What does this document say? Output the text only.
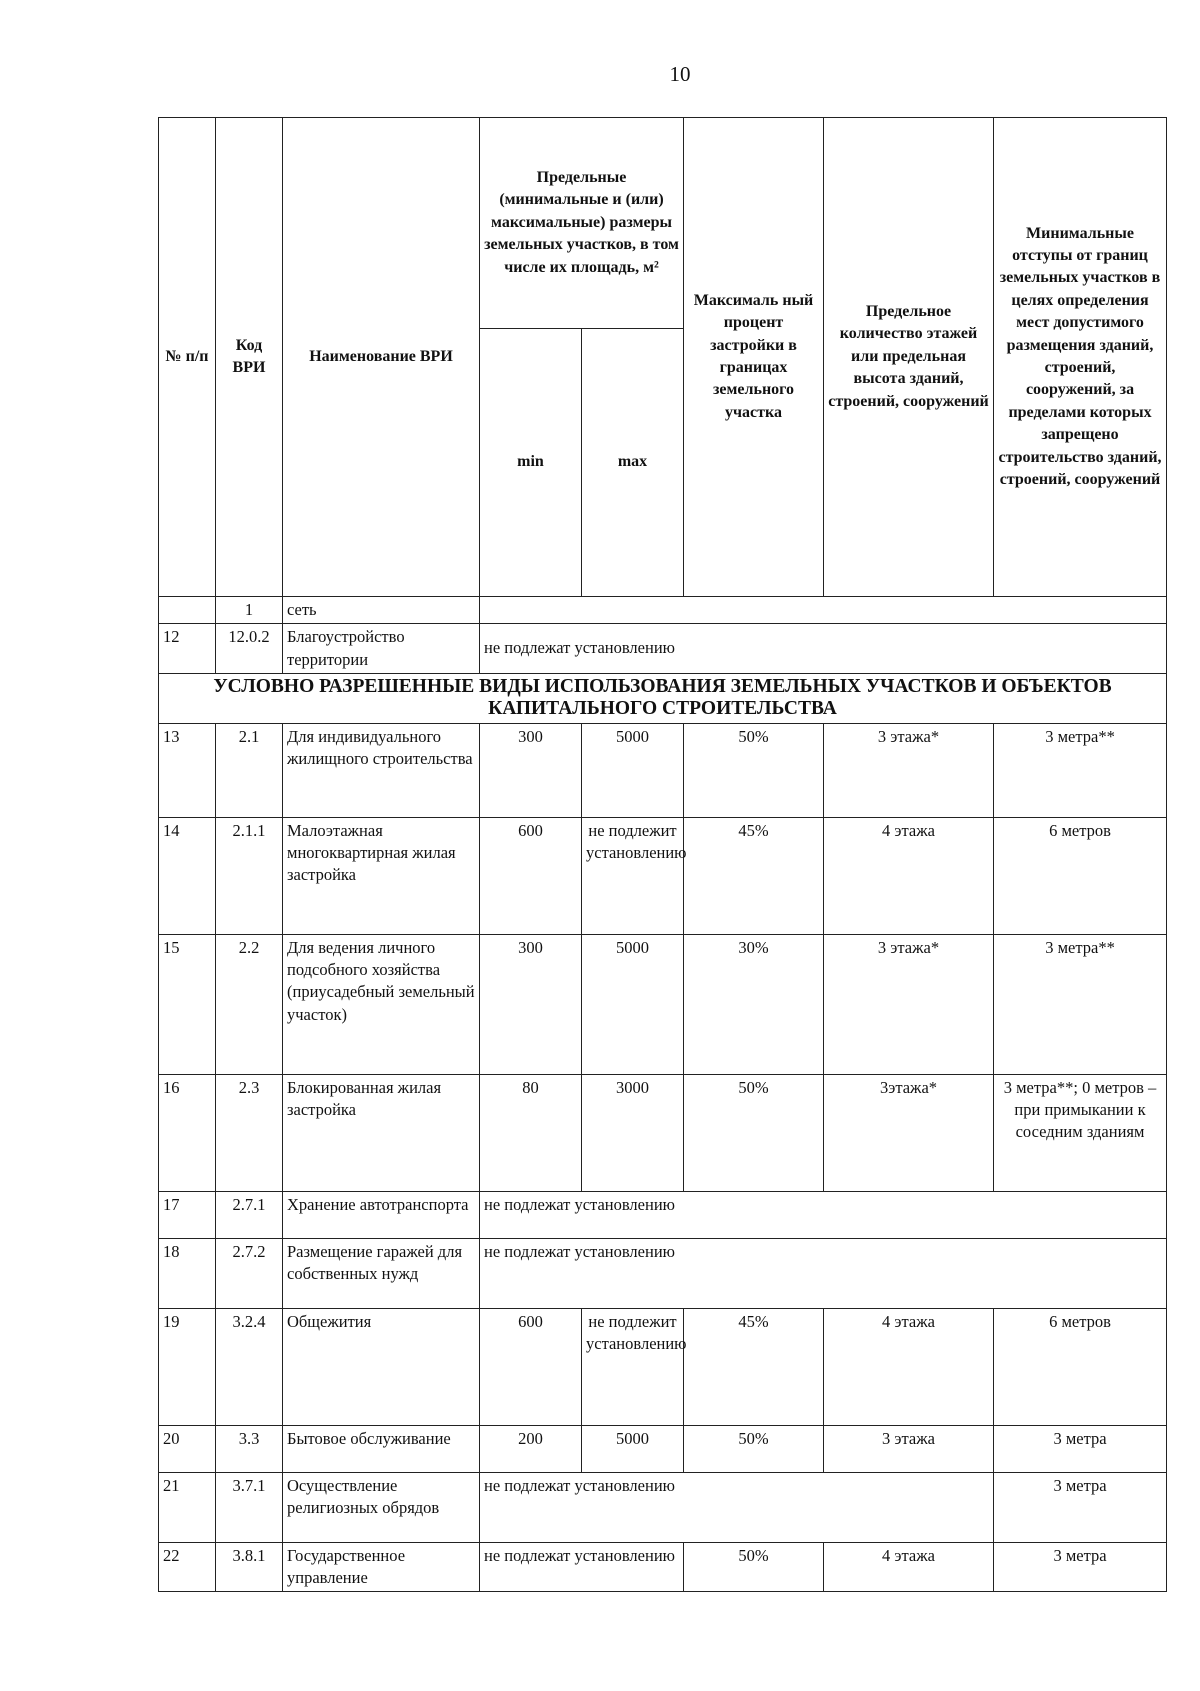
10
№ п/п	Код ВРИ	Наименование ВРИ	Предельные (минимальные и (или) максимальные) размеры земельных участков, в том числе их площадь, м²		Максималь ный процент застройки в границах земельного участка	Предельное количество этажей или предельная высота зданий, строений, сооружений	Минимальные отступы от границ земельных участков в целях определения мест допустимого размещения зданий, строений, сооружений, за пределами которых запрещено строительство зданий, строений, сооружений
			min	max			
	1	сеть					
12	12.0.2	Благоустройство территории	не подлежат установлению				
УСЛОВНО РАЗРЕШЕННЫЕ ВИДЫ ИСПОЛЬЗОВАНИЯ ЗЕМЕЛЬНЫХ УЧАСТКОВ И ОБЪЕКТОВ КАПИТАЛЬНОГО СТРОИТЕЛЬСТВА							
13	2.1	Для индивидуального жилищного строительства	300	5000	50%	3 этажа*	3 метра**
14	2.1.1	Малоэтажная многоквартирная жилая застройка	600	не подлежит установлению	45%	4 этажа	6 метров
15	2.2	Для ведения личного подсобного хозяйства (приусадебный земельный участок)	300	5000	30%	3 этажа*	3 метра**
16	2.3	Блокированная жилая застройка	80	3000	50%	3этажа*	3 метра**; 0 метров – при примыкании к соседним зданиям
17	2.7.1	Хранение автотранспорта	не подлежат установлению				
18	2.7.2	Размещение гаражей для собственных нужд	не подлежат установлению				
19	3.2.4	Общежития	600	не подлежит установлению	45%	4 этажа	6 метров
20	3.3	Бытовое обслуживание	200	5000	50%	3 этажа	3 метра
21	3.7.1	Осуществление религиозных обрядов	не подлежат установлению				3 метра
22	3.8.1	Государственное управление	не подлежат установлению		50%	4 этажа	3 метра
